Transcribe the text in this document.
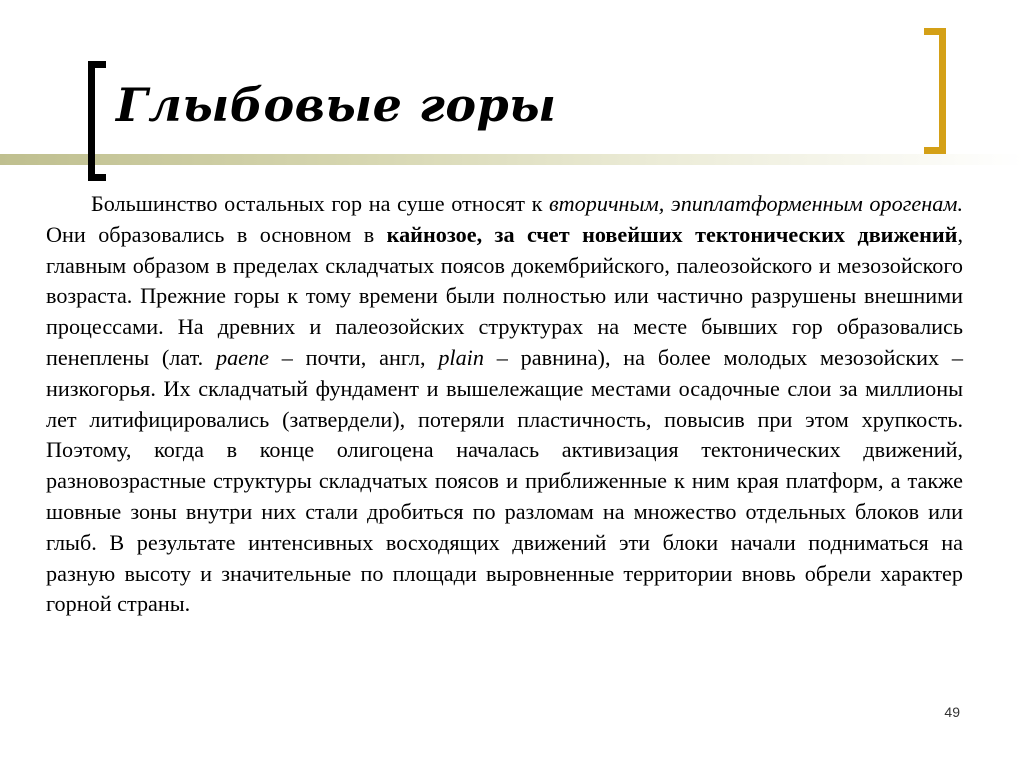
Глыбовые горы

Большинство остальных гор на суше относят к вторичным, эпиплатформенным орогенам. Они образовались в основном в кайнозое, за счет новейших тектонических движений, главным образом в пределах складчатых поясов докембрийского, палеозойского и мезозойского возраста. Прежние горы к тому времени были полностью или частично разрушены внешними процессами. На древних и палеозойских структурах на месте бывших гор образовались пенеплены (лат. paene – почти, англ, plain – равнина), на более молодых мезозойских – низкогорья. Их складчатый фундамент и вышележащие местами осадочные слои за миллионы лет литифицировались (затвердели), потеряли пластичность, повысив при этом хрупкость. Поэтому, когда в конце олигоцена началась активизация тектонических движений, разновозрастные структуры складчатых поясов и приближенные к ним края платформ, а также шовные зоны внутри них стали дробиться по разломам на множество отдельных блоков или глыб. В результате интенсивных восходящих движений эти блоки начали подниматься на разную высоту и значительные по площади выровненные территории вновь обрели характер горной страны.

49
